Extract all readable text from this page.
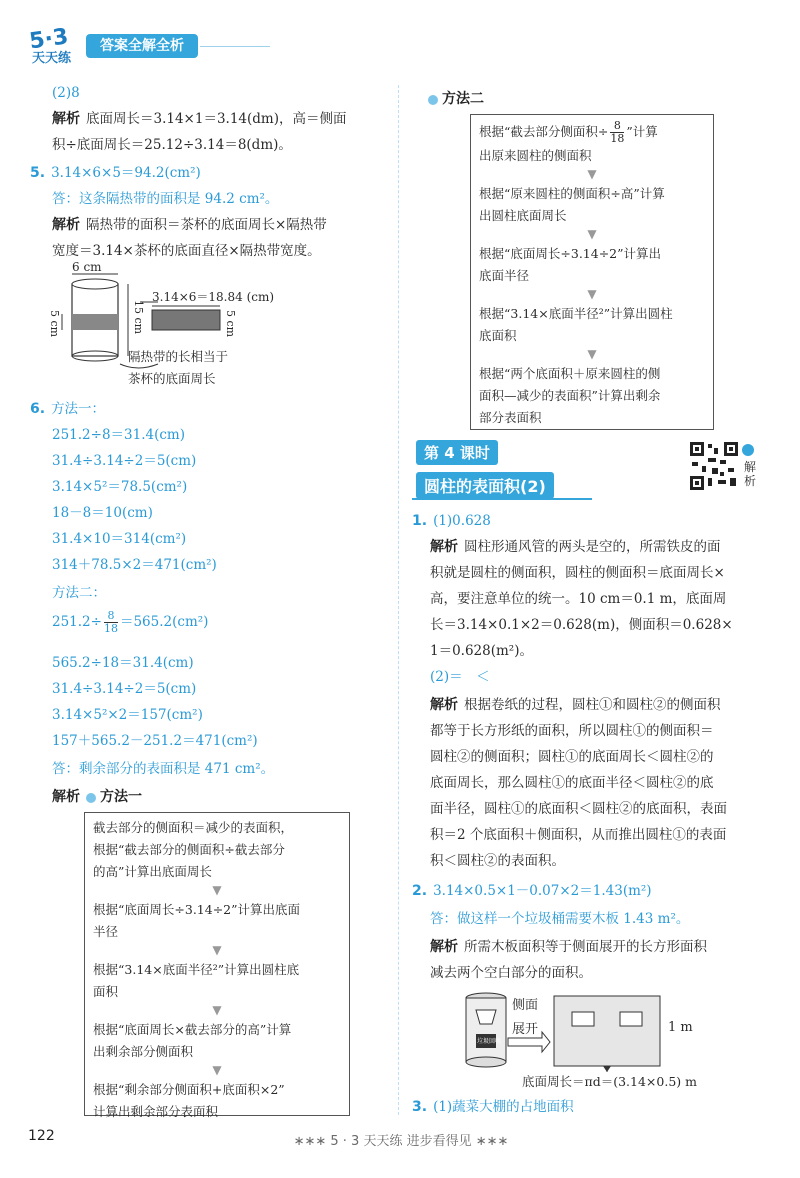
5·3
天天练
答案全解全析
(2)8
解析 底面周长＝3.14×1＝3.14(dm)，高＝侧面
积÷底面周长＝25.12÷3.14＝8(dm)。
5. 3.14×6×5＝94.2(cm²)
答：这条隔热带的面积是 94.2 cm²。
解析 隔热带的面积＝茶杯的底面周长×隔热带
宽度＝3.14×茶杯的底面直径×隔热带宽度。
6 cm
5 cm	15 cm
3.14×6＝18.84 (cm)
5 cm
隔热带的长相当于
茶杯的底面周长
6. 方法一：
251.2÷8＝31.4(cm)
31.4÷3.14÷2＝5(cm)
3.14×5²＝78.5(cm²)
18－8＝10(cm)
31.4×10＝314(cm²)
314＋78.5×2＝471(cm²)
方法二：
$251.2\div \frac{8}{18} =565.2(cm^2)$
565.2÷18＝31.4(cm)
31.4÷3.14÷2＝5(cm)
3.14×5²×2＝157(cm²)
157＋565.2－251.2＝471(cm²)
答：剩余部分的表面积是 471 cm²。
解析 方法一
截去部分的侧面积＝减少的表面积，
根据“截去部分的侧面积÷截去部分
的高”计算出底面周长
▼
根据“底面周长÷3.14÷2”计算出底面
半径
▼
根据“3.14×底面半径²”计算出圆柱底
面积
▼
根据“底面周长×截去部分的高”计算
出剩余部分侧面积
▼
根据“剩余部分侧面积+底面积×2”
计算出剩余部分表面积
方法二
根据“截去部分侧面积÷ $\frac{8}{18}$ ”计算
出原来圆柱的侧面积
▼
根据“原来圆柱的侧面积÷高”计算
出圆柱底面周长
▼
根据“底面周长÷3.14÷2”计算出
底面半径
▼
根据“3.14×底面半径²”计算出圆柱
底面积
▼
根据“两个底面积＋原来圆柱的侧
面积—减少的表面积”计算出剩余
部分表面积
第 4 课时
圆柱的表面积(2)
解析
1. (1)0.628
解析 圆柱形通风管的两头是空的，所需铁皮的面
积就是圆柱的侧面积，圆柱的侧面积＝底面周长×
高，要注意单位的统一。10 cm＝0.1 m，底面周
长＝3.14×0.1×2＝0.628(m)，侧面积＝0.628×
1＝0.628(m²)。
(2)＝　＜
解析 根据卷纸的过程，圆柱①和圆柱②的侧面积
都等于长方形纸的面积，所以圆柱①的侧面积＝
圆柱②的侧面积；圆柱①的底面周长＜圆柱②的
底面周长，那么圆柱①的底面半径＜圆柱②的底
面半径，圆柱①的底面积＜圆柱②的底面积，表面
积＝2 个底面积＋侧面积，从而推出圆柱①的表面
积＜圆柱②的表面积。
2. 3.14×0.5×1－0.07×2＝1.43(m²)
答：做这样一个垃圾桶需要木板 1.43 m²。
解析 所需木板面积等于侧面展开的长方形面积
减去两个空白部分的面积。
垃圾回收
侧面
展开	1 m
底面周长＝πd＝(3.14×0.5) m
3. (1)蔬菜大棚的占地面积
122	∗∗∗ 5 · 3 天天练 进步看得见 ∗∗∗
